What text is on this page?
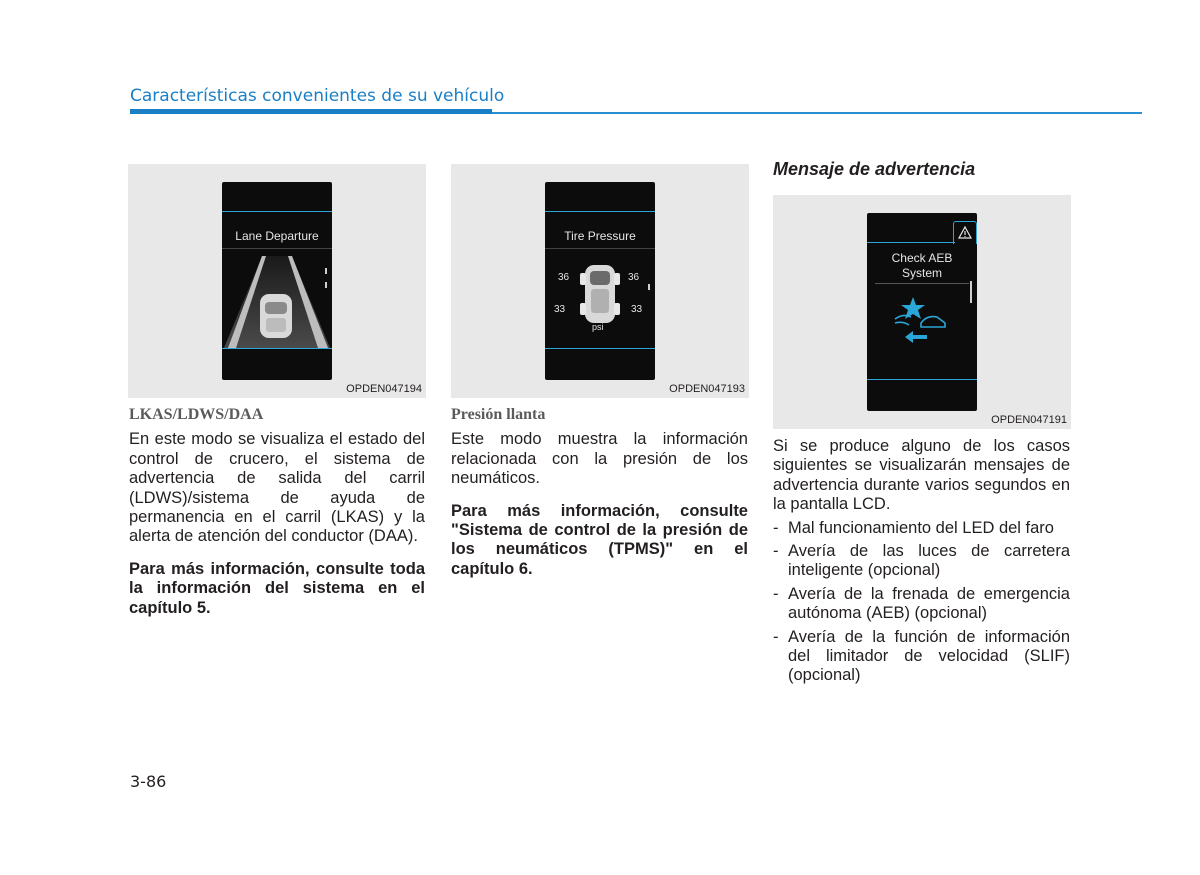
Características convenientes de su vehículo
Lane Departure
OPDEN047194
Tire Pressure
36	36
33	33
psi
OPDEN047193
Mensaje de advertencia
Check AEB
System
OPDEN047191
LKAS/LDWS/DAA

En este modo se visualiza el estado del control de crucero, el sistema de advertencia de salida del carril (LDWS)/sistema de ayuda de permanencia en el carril (LKAS) y la alerta de atención del conductor (DAA).

Para más información, consulte toda la información del sistema en el capítulo 5.

Presión llanta

Este modo muestra la información relacionada con la presión de los neumáticos.

Para más información, consulte "Sistema de control de la presión de los neumáticos (TPMS)" en el capítulo 6.

Si se produce alguno de los casos siguientes se visualizarán mensajes de advertencia durante varios segundos en la pantalla LCD.

- Mal funcionamiento del LED del faro
- Avería de las luces de carretera inteligente (opcional)
- Avería de la frenada de emergencia autónoma (AEB) (opcional)
- Avería de la función de información del limitador de velocidad (SLIF) (opcional)
3-86
